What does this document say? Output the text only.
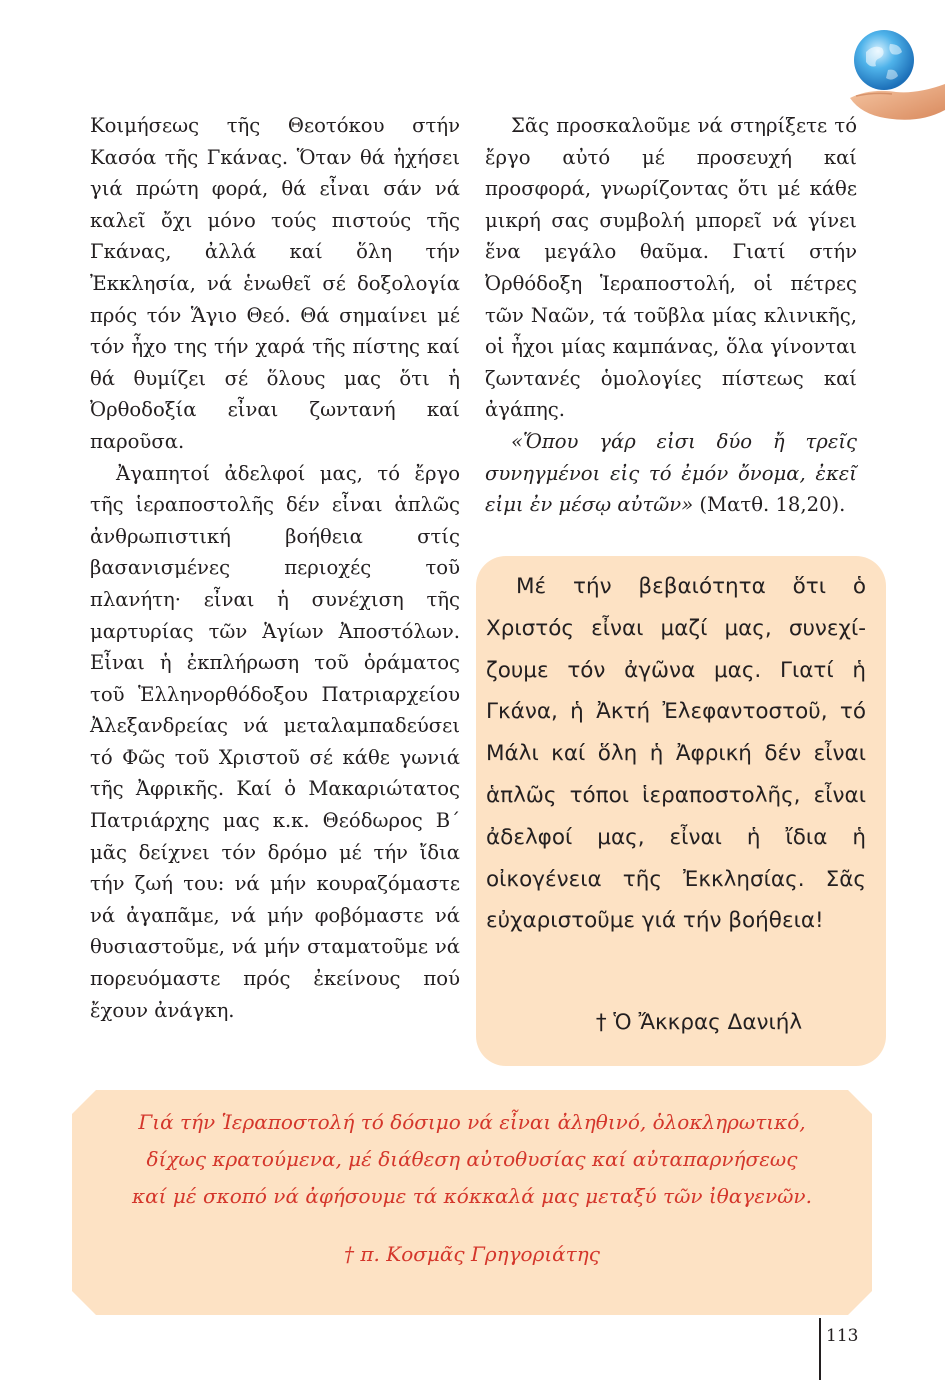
Κοιμήσεως τῆς Θεοτόκου στήν Κασόα τῆς Γκάνας. Ὅταν θά ἠχήσει γιά πρώτη φορά, θά εἶναι σάν νά καλεῖ ὄχι μόνο τούς πιστούς τῆς Γκάνας, ἀλλά καί ὅλη τήν Ἐκκλησία, νά ἑνωθεῖ σέ δοξολογία πρός τόν Ἅγιο Θεό. Θά σημαίνει μέ τόν ἦχο της τήν χαρά τῆς πίστης καί θά θυμίζει σέ ὅλους μας ὅτι ἡ Ὀρθοδοξία εἶναι ζωντανή καί παροῦσα.

Ἀγαπητοί ἀδελφοί μας, τό ἔργο τῆς ἱεραποστολῆς δέν εἶναι ἁπλῶς ἀνθρωπιστική βοήθεια στίς βασανισμένες περιοχές τοῦ πλανήτη· εἶναι ἡ συνέχιση τῆς μαρτυρίας τῶν Ἁγίων Ἀποστόλων. Εἶναι ἡ ἐκπλήρωση τοῦ ὁράματος τοῦ Ἑλληνορθόδοξου Πατριαρχείου Ἀλεξανδρείας νά μεταλαμπαδεύσει τό Φῶς τοῦ Χριστοῦ σέ κάθε γωνιά τῆς Ἀφρικῆς. Καί ὁ Μακαριώτατος Πατριάρχης μας κ.κ. Θεόδωρος Β΄ μᾶς δείχνει τόν δρόμο μέ τήν ἴδια τήν ζωή του: νά μήν κουραζόμαστε νά ἀγαπᾶμε, νά μήν φοβόμαστε νά θυσιαστοῦμε, νά μήν σταματοῦμε νά πορευόμαστε πρός ἐκείνους πού ἔχουν ἀνάγκη.

Σᾶς προσκαλοῦμε νά στηρίξετε τό ἔργο αὐτό μέ προσευχή καί προσφορά, γνωρίζοντας ὅτι μέ κάθε μικρή σας συμβολή μπορεῖ νά γίνει ἕνα μεγάλο θαῦμα. Γιατί στήν Ὀρθόδοξη Ἱεραποστολή, οἱ πέτρες τῶν Ναῶν, τά τοῦβλα μίας κλινικῆς, οἱ ἦχοι μίας καμπάνας, ὅλα γίνονται ζωντανές ὁμολογίες πίστεως καί ἀγάπης.

«Ὅπου γάρ εἰσι δύο ἤ τρεῖς συνηγμένοι εἰς τό ἐμόν ὄνομα, ἐκεῖ εἰμι ἐν μέσῳ αὐτῶν» (Ματθ. 18,20).

Μέ τήν βεβαιότητα ὅτι ὁ Χριστός εἶναι μαζί μας, συνεχίζουμε τόν ἀγῶνα μας. Γιατί ἡ Γκάνα, ἡ Ἀκτή Ἐλεφαντοστοῦ, τό Μάλι καί ὅλη ἡ Ἀφρική δέν εἶναι ἁπλῶς τόποι ἱεραποστολῆς, εἶναι ἀδελφοί μας, εἶναι ἡ ἴδια ἡ οἰκογένεια τῆς Ἐκκλησίας. Σᾶς εὐχαριστοῦμε γιά τήν βοήθεια!

† Ὁ Ἄκκρας Δανιήλ
Γιά τήν Ἱεραποστολή τό δόσιμο νά εἶναι ἀληθινό, ὁλοκληρωτικό,
δίχως κρατούμενα, μέ διάθεση αὐτοθυσίας καί αὐταπαρνήσεως
καί μέ σκοπό νά ἀφήσουμε τά κόκκαλά μας μεταξύ τῶν ἰθαγενῶν.
† π. Κοσμᾶς Γρηγοριάτης
113
